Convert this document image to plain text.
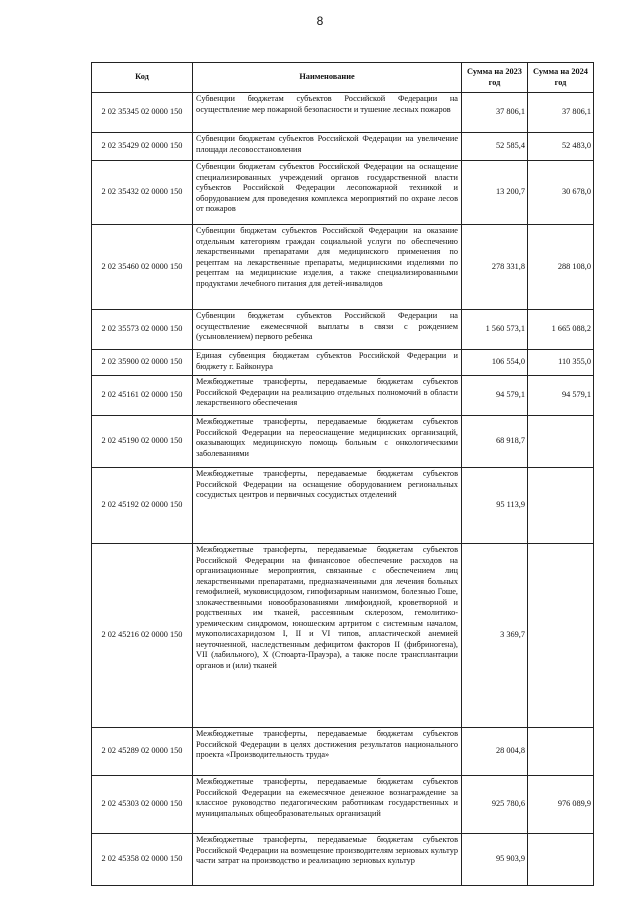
8
Код	Наименование	Сумма на 2023 год	Сумма на 2024 год
2 02 35345 02 0000 150	Субвенции бюджетам субъектов Российской Федерации на осуществление мер пожарной безопасности и тушение лесных пожаров	37 806,1	37 806,1
2 02 35429 02 0000 150	Субвенции бюджетам субъектов Российской Федерации на увеличение площади лесовосстановления	52 585,4	52 483,0
2 02 35432 02 0000 150	Субвенции бюджетам субъектов Российской Федерации на оснащение специализированных учреждений органов государственной власти субъектов Российской Федерации лесопожарной техникой и оборудованием для проведения комплекса мероприятий по охране лесов от пожаров	13 200,7	30 678,0
2 02 35460 02 0000 150	Субвенции бюджетам субъектов Российской Федерации на оказание отдельным категориям граждан социальной услуги по обеспечению лекарственными препаратами для медицинского применения по рецептам на лекарственные препараты, медицинскими изделиями по рецептам на медицинские изделия, а также специализированными продуктами лечебного питания для детей-инвалидов	278 331,8	288 108,0
2 02 35573 02 0000 150	Субвенции бюджетам субъектов Российской Федерации на осуществление ежемесячной выплаты в связи с рождением (усыновлением) первого ребенка	1 560 573,1	1 665 088,2
2 02 35900 02 0000 150	Единая субвенция бюджетам субъектов Российской Федерации и бюджету г. Байконура	106 554,0	110 355,0
2 02 45161 02 0000 150	Межбюджетные трансферты, передаваемые бюджетам субъектов Российской Федерации на реализацию отдельных полномочий в области лекарственного обеспечения	94 579,1	94 579,1
2 02 45190 02 0000 150	Межбюджетные трансферты, передаваемые бюджетам субъектов Российской Федерации на переоснащение медицинских организаций, оказывающих медицинскую помощь больным с онкологическими заболеваниями	68 918,7	
2 02 45192 02 0000 150	Межбюджетные трансферты, передаваемые бюджетам субъектов Российской Федерации на оснащение оборудованием региональных сосудистых центров и первичных сосудистых отделений	95 113,9	
2 02 45216 02 0000 150	Межбюджетные трансферты, передаваемые бюджетам субъектов Российской Федерации на финансовое обеспечение расходов на организационные мероприятия, связанные с обеспечением лиц лекарственными препаратами, предназначенными для лечения больных гемофилией, муковисцидозом, гипофизарным нанизмом, болезнью Гоше, злокачественными новообразованиями лимфоидной, кроветворной и родственных им тканей, рассеянным склерозом, гемолитико-уремическим синдромом, юношеским артритом с системным началом, мукополисахаридозом I, II и VI типов, апластической анемией неуточненной, наследственным дефицитом факторов II (фибриногена), VII (лабильного), X (Стюарта-Прауэра), а также после трансплантации органов и (или) тканей	3 369,7	
2 02 45289 02 0000 150	Межбюджетные трансферты, передаваемые бюджетам субъектов Российской Федерации в целях достижения результатов национального проекта «Производительность труда»	28 004,8	
2 02 45303 02 0000 150	Межбюджетные трансферты, передаваемые бюджетам субъектов Российской Федерации на ежемесячное денежное вознаграждение за классное руководство педагогическим работникам государственных и муниципальных общеобразовательных организаций	925 780,6	976 089,9
2 02 45358 02 0000 150	Межбюджетные трансферты, передаваемые бюджетам субъектов Российской Федерации на возмещение производителям зерновых культур части затрат на производство и реализацию зерновых культур	95 903,9	
